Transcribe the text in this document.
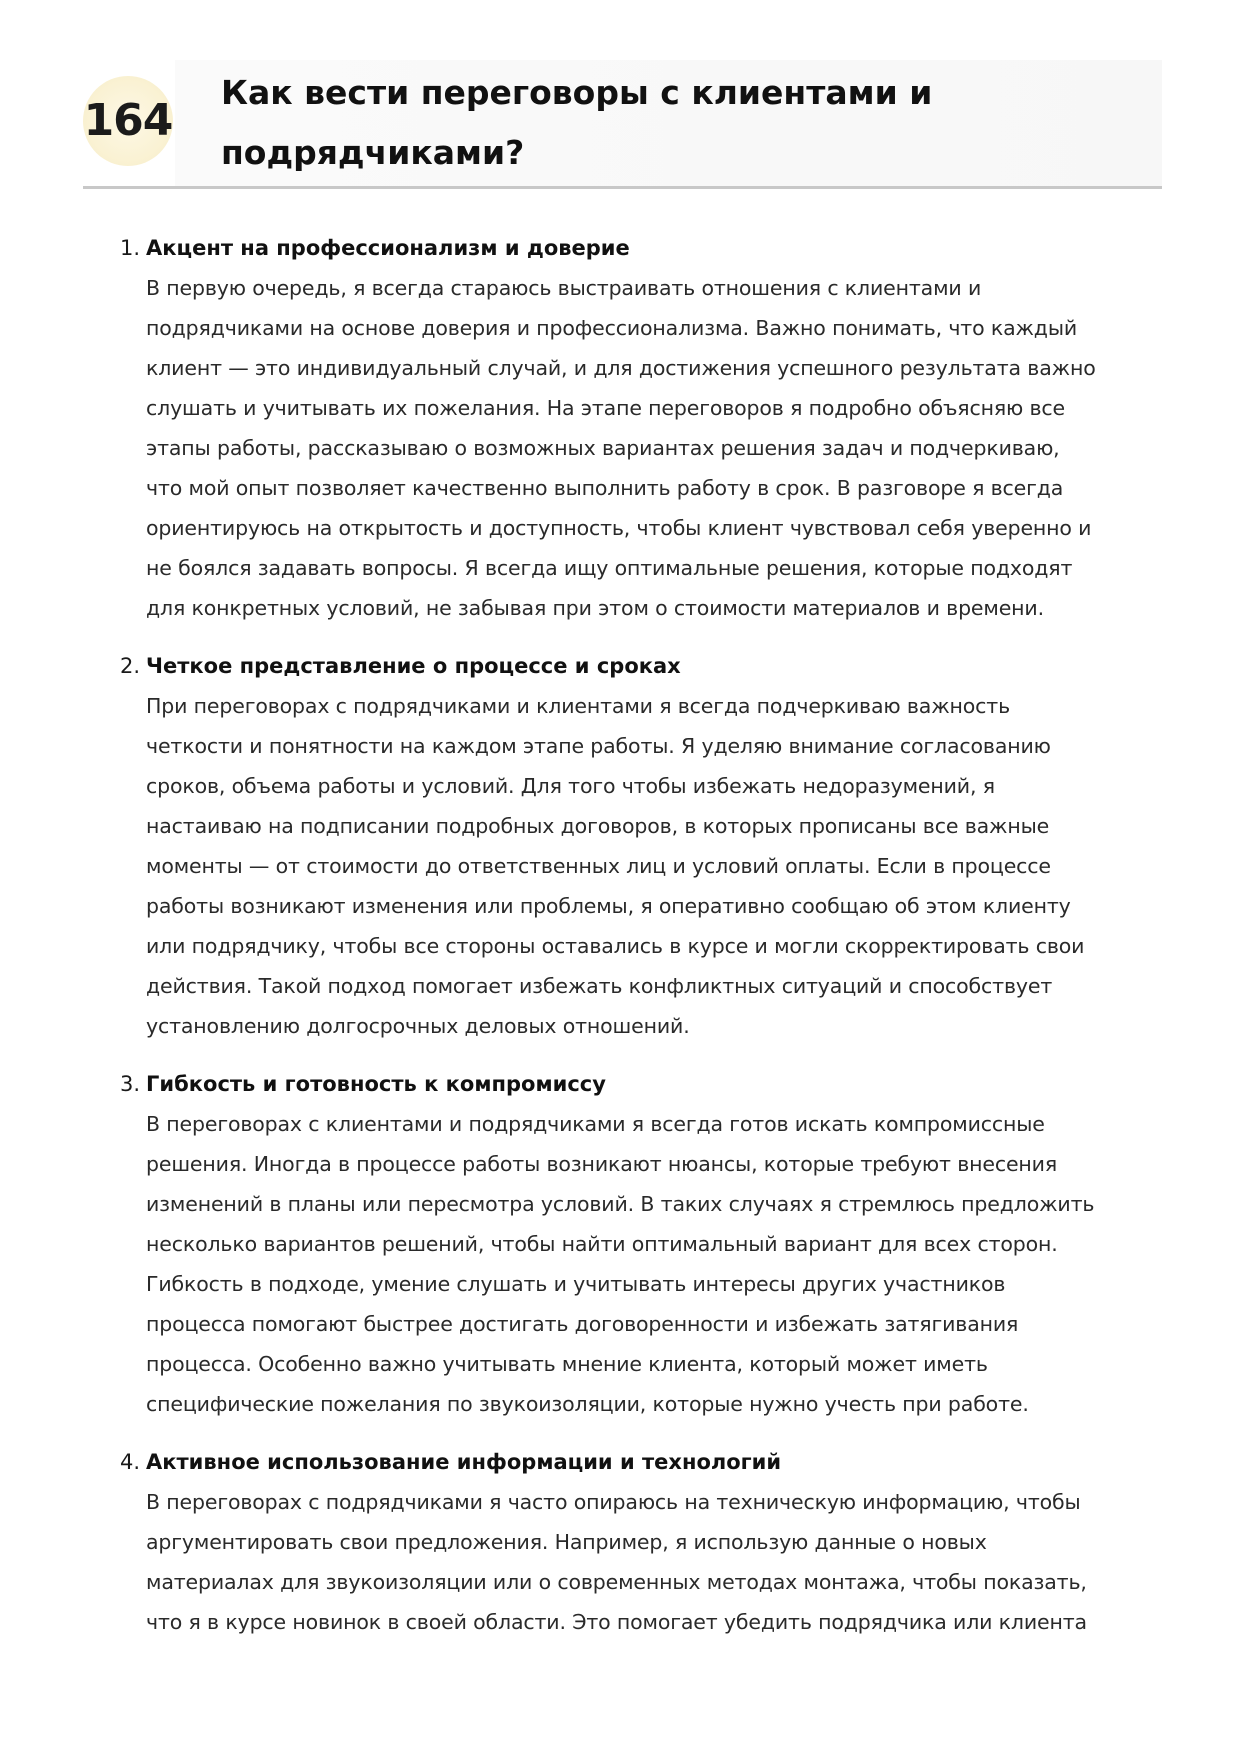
164
Как вести переговоры с клиентами и
подрядчиками?
1. Акцент на профессионализм и доверие

В первую очередь, я всегда стараюсь выстраивать отношения с клиентами и
подрядчиками на основе доверия и профессионализма. Важно понимать, что каждый
клиент — это индивидуальный случай, и для достижения успешного результата важно
слушать и учитывать их пожелания. На этапе переговоров я подробно объясняю все
этапы работы, рассказываю о возможных вариантах решения задач и подчеркиваю,
что мой опыт позволяет качественно выполнить работу в срок. В разговоре я всегда
ориентируюсь на открытость и доступность, чтобы клиент чувствовал себя уверенно и
не боялся задавать вопросы. Я всегда ищу оптимальные решения, которые подходят
для конкретных условий, не забывая при этом о стоимости материалов и времени.

2. Четкое представление о процессе и сроках

При переговорах с подрядчиками и клиентами я всегда подчеркиваю важность
четкости и понятности на каждом этапе работы. Я уделяю внимание согласованию
сроков, объема работы и условий. Для того чтобы избежать недоразумений, я
настаиваю на подписании подробных договоров, в которых прописаны все важные
моменты — от стоимости до ответственных лиц и условий оплаты. Если в процессе
работы возникают изменения или проблемы, я оперативно сообщаю об этом клиенту
или подрядчику, чтобы все стороны оставались в курсе и могли скорректировать свои
действия. Такой подход помогает избежать конфликтных ситуаций и способствует
установлению долгосрочных деловых отношений.

3. Гибкость и готовность к компромиссу

В переговорах с клиентами и подрядчиками я всегда готов искать компромиссные
решения. Иногда в процессе работы возникают нюансы, которые требуют внесения
изменений в планы или пересмотра условий. В таких случаях я стремлюсь предложить
несколько вариантов решений, чтобы найти оптимальный вариант для всех сторон.
Гибкость в подходе, умение слушать и учитывать интересы других участников
процесса помогают быстрее достигать договоренности и избежать затягивания
процесса. Особенно важно учитывать мнение клиента, который может иметь
специфические пожелания по звукоизоляции, которые нужно учесть при работе.

4. Активное использование информации и технологий

В переговорах с подрядчиками я часто опираюсь на техническую информацию, чтобы
аргументировать свои предложения. Например, я использую данные о новых
материалах для звукоизоляции или о современных методах монтажа, чтобы показать,
что я в курсе новинок в своей области. Это помогает убедить подрядчика или клиента
